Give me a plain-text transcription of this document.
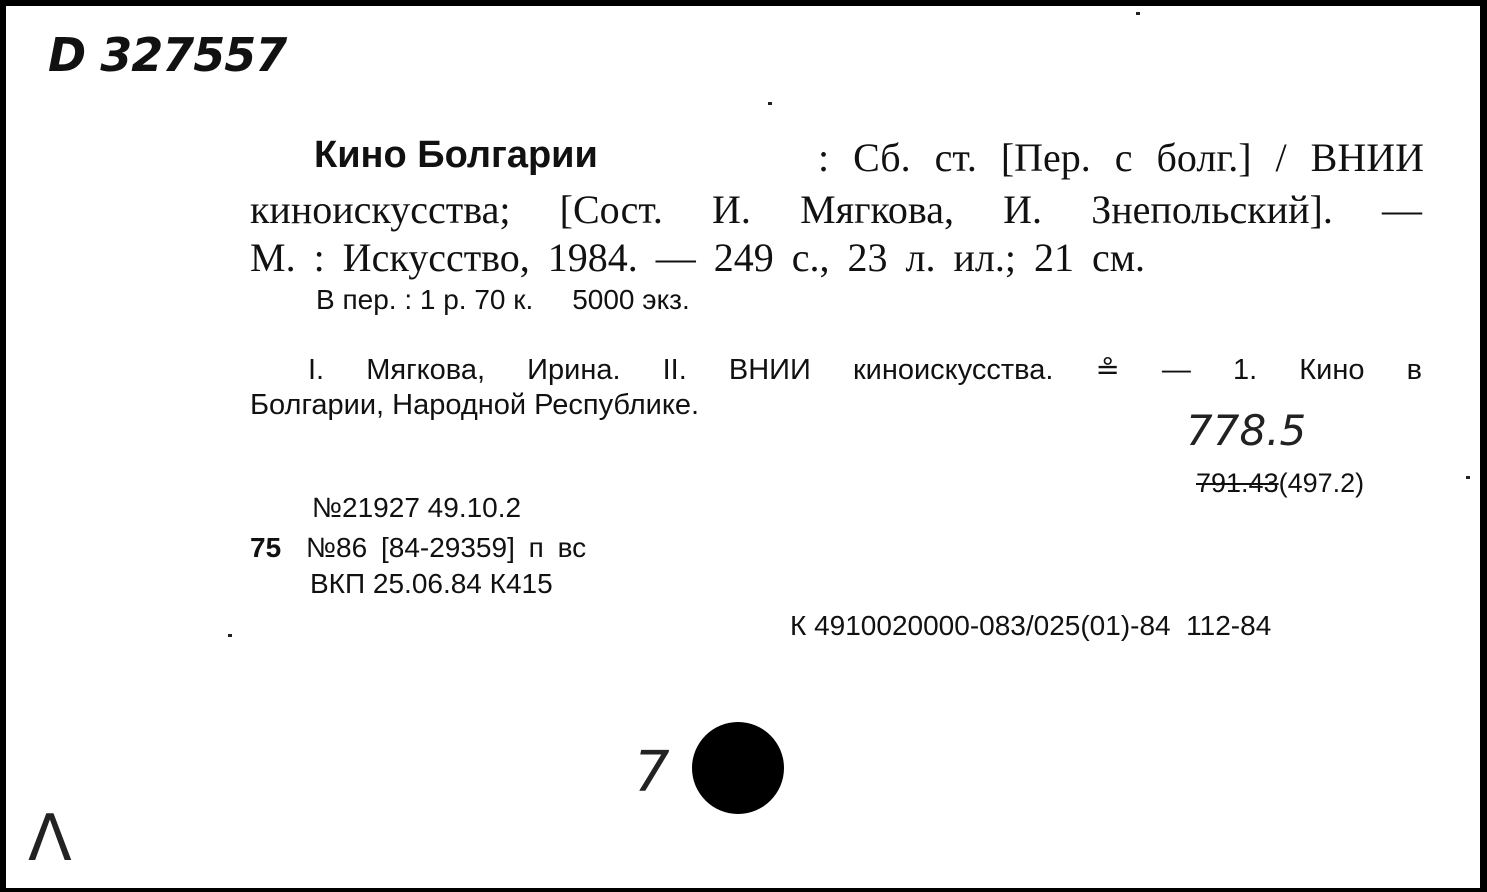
D 327557
Кино Болгарии	: Сб. ст. [Пер. с болг.] / ВНИИ
киноискусства; [Сост. И. Мягкова, И. Знепольский]. —
М. : Искусство, 1984. — 249 с., 23 л. ил.; 21 см.
В пер. : 1 р. 70 к.     5000 экз.
I. Мягкова, Ирина. II. ВНИИ киноискусства. ≗ — 1. Кино в
Болгарии, Народной Республике.
778.5
791.43(497.2)
№21927 49.10.2
75 №86 [84-29359] п вс
ВКП 25.06.84 К415
К 4910020000-083/025(01)-84  112-84
7
Λ
